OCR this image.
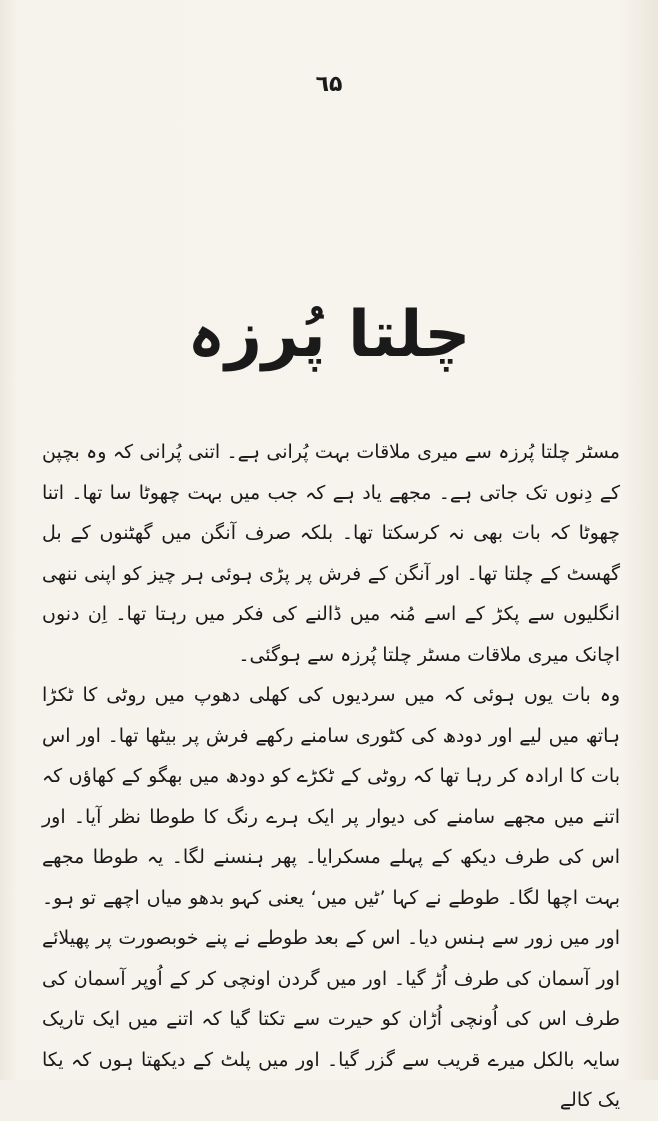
٦۵
چلتا پُرزہ

مسٹر چلتا پُرزہ سے میری ملاقات بہت پُرانی ہے۔ اتنی پُرانی کہ وہ بچپن کے دِنوں تک جاتی ہے۔ مجھے یاد ہے کہ جب میں بہت چھوٹا سا تھا۔ اتنا چھوٹا کہ بات بھی نہ کرسکتا تھا۔ بلکہ صرف آنگن میں گھٹنوں کے بل گھسٹ کے چلتا تھا۔ اور آنگن کے فرش پر پڑی ہوئی ہر چیز کو اپنی ننھی انگلیوں سے پکڑ کے اسے مُنہ میں ڈالنے کی فکر میں رہتا تھا۔ اِن دنوں اچانک میری ملاقات مسٹر چلتا پُرزہ سے ہوگئی۔

وہ بات یوں ہوئی کہ میں سردیوں کی کھلی دھوپ میں روٹی کا ٹکڑا ہاتھ میں لیے اور دودھ کی کٹوری سامنے رکھے فرش پر بیٹھا تھا۔ اور اس بات کا ارادہ کر رہا تھا کہ روٹی کے ٹکڑے کو دودھ میں بھگو کے کھاؤں کہ اتنے میں مجھے سامنے کی دیوار پر ایک ہرے رنگ کا طوطا نظر آیا۔ اور اس کی طرف دیکھ کے پہلے مسکرایا۔ پھر ہنسنے لگا۔ یہ طوطا مجھے بہت اچھا لگا۔ طوطے نے کہا ’ٹیں میں‘ یعنی کہو بدھو میاں اچھے تو ہو۔ اور میں زور سے ہنس دیا۔ اس کے بعد طوطے نے پنے خوبصورت پر پھیلائے اور آسمان کی طرف اُڑ گیا۔ اور میں گردن اونچی کر کے اُوپر آسمان کی طرف اس کی اُونچی اُڑان کو حیرت سے تکتا گیا کہ اتنے میں ایک تاریک سایہ بالکل میرے قریب سے گزر گیا۔ اور میں پلٹ کے دیکھتا ہوں کہ یکا یک کالے
